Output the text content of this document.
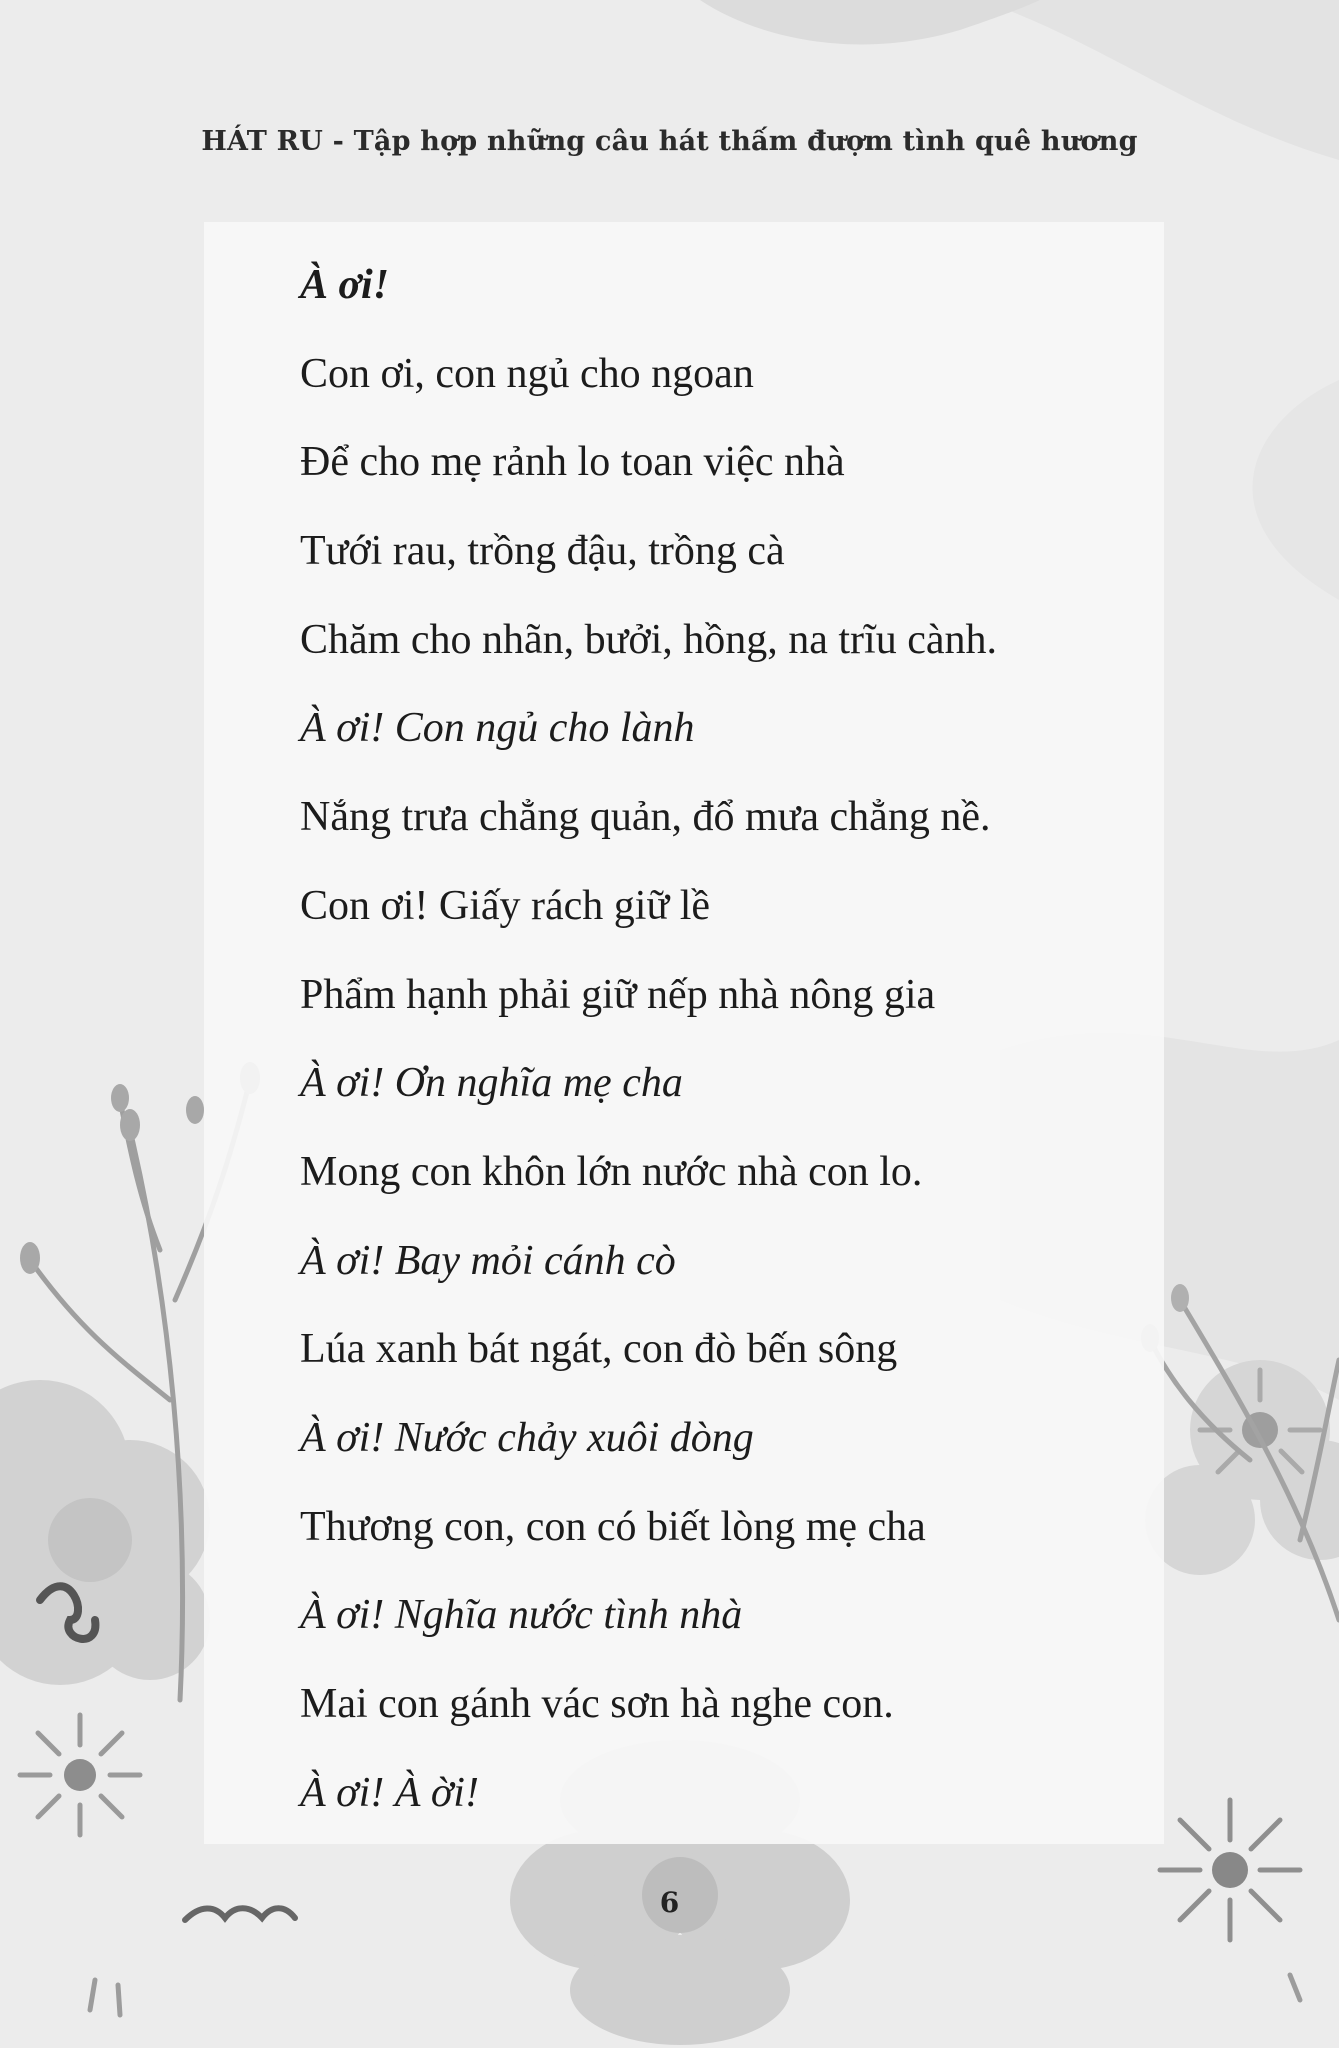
HÁT RU - Tập hợp những câu hát thấm đượm tình quê hương
À ơi!
Con ơi, con ngủ cho ngoan
Để cho mẹ rảnh lo toan việc nhà
Tưới rau, trồng đậu, trồng cà
Chăm cho nhãn, bưởi, hồng, na trĩu cành.
À ơi! Con ngủ cho lành
Nắng trưa chẳng quản, đổ mưa chẳng nề.
Con ơi! Giấy rách giữ lề
Phẩm hạnh phải giữ nếp nhà nông gia
À ơi! Ơn nghĩa mẹ cha
Mong con khôn lớn nước nhà con lo.
À ơi! Bay mỏi cánh cò
Lúa xanh bát ngát, con đò bến sông
À ơi! Nước chảy xuôi dòng
Thương con, con có biết lòng mẹ cha
À ơi! Nghĩa nước tình nhà
Mai con gánh vác sơn hà nghe con.
À ơi! À ời!
6
